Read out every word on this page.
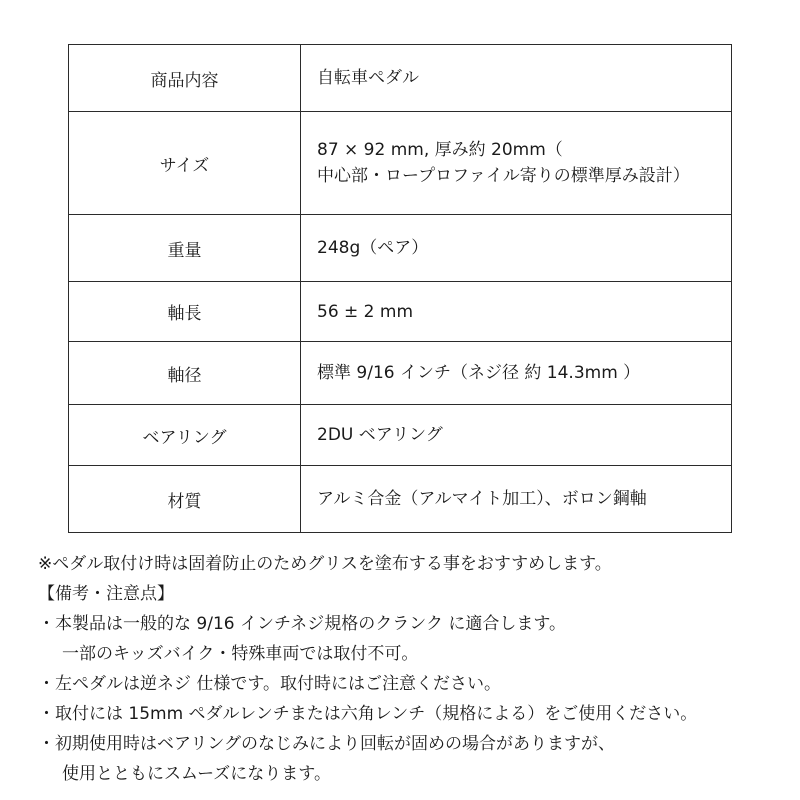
商品内容	自転車ペダル

サイズ	87 × 92 mm, 厚み約 20mm（
中心部・ロープロファイル寄りの標準厚み設計）

重量	248g（ペア）

軸長	56 ± 2 mm

軸径	標準 9/16 インチ（ネジ径 約 14.3mm ）

ベアリング	2DU ベアリング

材質	アルミ合金（アルマイト加工）、ボロン鋼軸
※ペダル取付け時は固着防止のためグリスを塗布する事をおすすめします。
【備考・注意点】
・本製品は一般的な 9/16 インチネジ規格のクランク に適合します。
一部のキッズバイク・特殊車両では取付不可。
・左ペダルは逆ネジ 仕様です。取付時にはご注意ください。
・取付には 15mm ペダルレンチまたは六角レンチ（規格による）をご使用ください。
・初期使用時はベアリングのなじみにより回転が固めの場合がありますが、
使用とともにスムーズになります。
